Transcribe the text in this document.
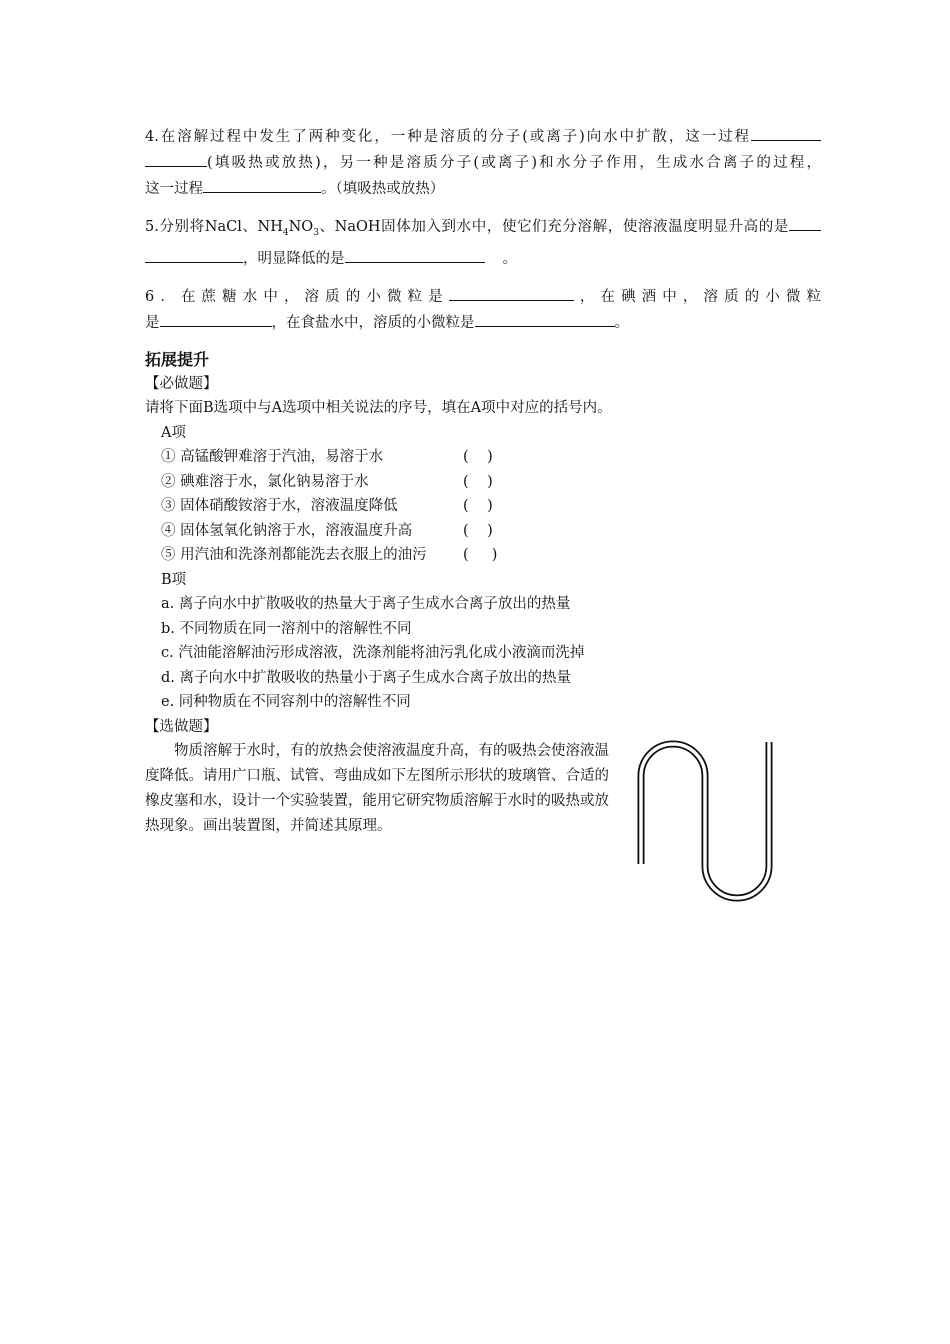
4.在溶解过程中发生了两种变化，一种是溶质的分子(或离子)向水中扩散，这一过程
(填吸热或放热)，另一种是溶质分子(或离子)和水分子作用，生成水合离子的过程，
这一过程	。（填吸热或放热）
5.分别将NaCl、$NH_4NO_3$、NaOH固体加入到水中，使它们充分溶解，使溶液温度明显升高的是
，明显降低的是	。
6．在蔗糖水中，溶质的小微粒是	，在碘酒中，溶质的小微粒
是	，在食盐水中，溶质的小微粒是	。
拓展提升
【必做题】
请将下面B选项中与A选项中相关说法的序号，填在A项中对应的括号内。
A项
① 高锰酸钾难溶于汽油，易溶于水	(    )
② 碘难溶于水，氯化钠易溶于水	(    )
③ 固体硝酸铵溶于水，溶液温度降低	(    )
④ 固体氢氧化钠溶于水，溶液温度升高	(    )
⑤ 用汽油和洗涤剂都能洗去衣服上的油污	(     )
B项
a. 离子向水中扩散吸收的热量大于离子生成水合离子放出的热量
b. 不同物质在同一溶剂中的溶解性不同
c. 汽油能溶解油污形成溶液，洗涤剂能将油污乳化成小液滴而洗掉
d. 离子向水中扩散吸收的热量小于离子生成水合离子放出的热量
e. 同种物质在不同容剂中的溶解性不同
【选做题】
物质溶解于水时，有的放热会使溶液温度升高，有的吸热会使溶液温度降低。请用广口瓶、试管、弯曲成如下左图所示形状的玻璃管、合适的橡皮塞和水，设计一个实验装置，能用它研究物质溶解于水时的吸热或放热现象。画出装置图，并简述其原理。
